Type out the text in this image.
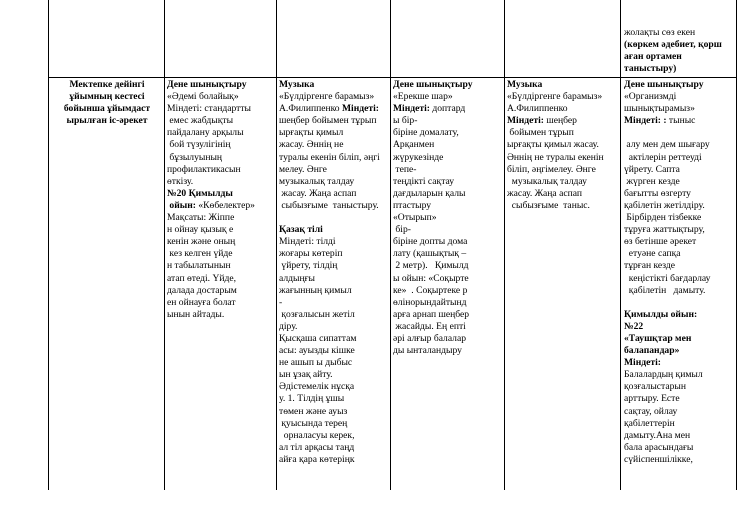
жолақты сөз екен

(көркем әдебиет, қорш

аған ортамен

таныстыру)

Мектепке дейінгі

ұйымның кестесі

бойынша ұйымдаст

ырылған іс-әрекет

Дене шынықтыру

«Әдемі болайық»

Міндеті: стандартты

емес жабдықты

пайдалану арқылы

бой түзулігінің

бұзылуының

профилактикасын

өткізу.

№20 Қимылды

ойын: «Көбелектер»

Мақсаты: Жіппе

н ойнау қызық е

кенін және оның

кез келген үйде

н табылатынын

атап өтеді. Үйде,

далада достарым

ен ойнауға болат

ынын айтады.

Музыка

«Бүлдіргенге барамыз»

А.Филиппенко Міндеті:

шеңбер бойымен тұрып

ырғақты қимыл

жасау. Әннің не

туралы екенін біліп, әңгі

мелеу. Әнге

музыкалық талдау

жасау. Жаңа аспап

сыбызғыме  таныстыру.

Қазақ тілі

Міндеті: тілді

жоғары көтеріп

үйрету, тілдің

алдыңғы

жағынның қимыл

-

қозғалысын жетіл

діру.

Қысқаша сипаттам

асы: ауызды кішке

не ашып ы дыбыс

ын ұзақ айту.

Әдістемелік нұсқа

у. 1. Тілдің ұшы

төмен және ауыз

қуысында терең

орналасуы керек,

ал тіл арқасы таңд

айға қара көтеріңк

Дене шынықтыру

«Ерекше шар»

Міндеті: доптард

ы бір-

біріне домалату,

Арқанмен

жүрукезінде

тепе-

теңдікті сақтау

дағдыларын қалы

птастыру

«Отырып»

бір-

біріне допты дома

лату (қашықтық –

2 метр).   Қимылд

ы ойын: «Соқырте

ке»  . Соқыртеке р

өлінорындайтынд

арға арнап шеңбер

жасайды. Ең епті

әрі алғыр балалар

ды ынталандыру

Музыка

«Бүлдіргенге барамыз»

А.Филиппенко

Міндеті: шеңбер

бойымен тұрып

ырғақты қимыл жасау.

Әннің не туралы екенін

біліп, әңгімелеу. Әнге

музыкалық талдау

жасау. Жаңа аспап

сыбызғыме  таныс.

Дене шынықтыру

«Организмді

шынықтырамыз»

Міндеті: : тыныс

алу мен дем шығару

актілерін реттеуді

үйрету. Сапта

жүрген кезде

бағытты өзгерту

қабілетін жетілдіру.

Бірбірден тізбекке

тұруға жаттықтыру,

өз бетінше әрекет

етуәне сапқа

тұрған кезде

кеңістікті бағдарлау

қабілетін   дамыту.

Қимылды ойын:

№22

«Таушқтар мен

балапандар»

Міндеті:

Балалардың қимыл

қозғалыстарын

арттыру. Есте

сақтау, ойлау

қабілеттерін

дамыту.Ана мен

бала арасындағы

сүйіспеншілікке,
